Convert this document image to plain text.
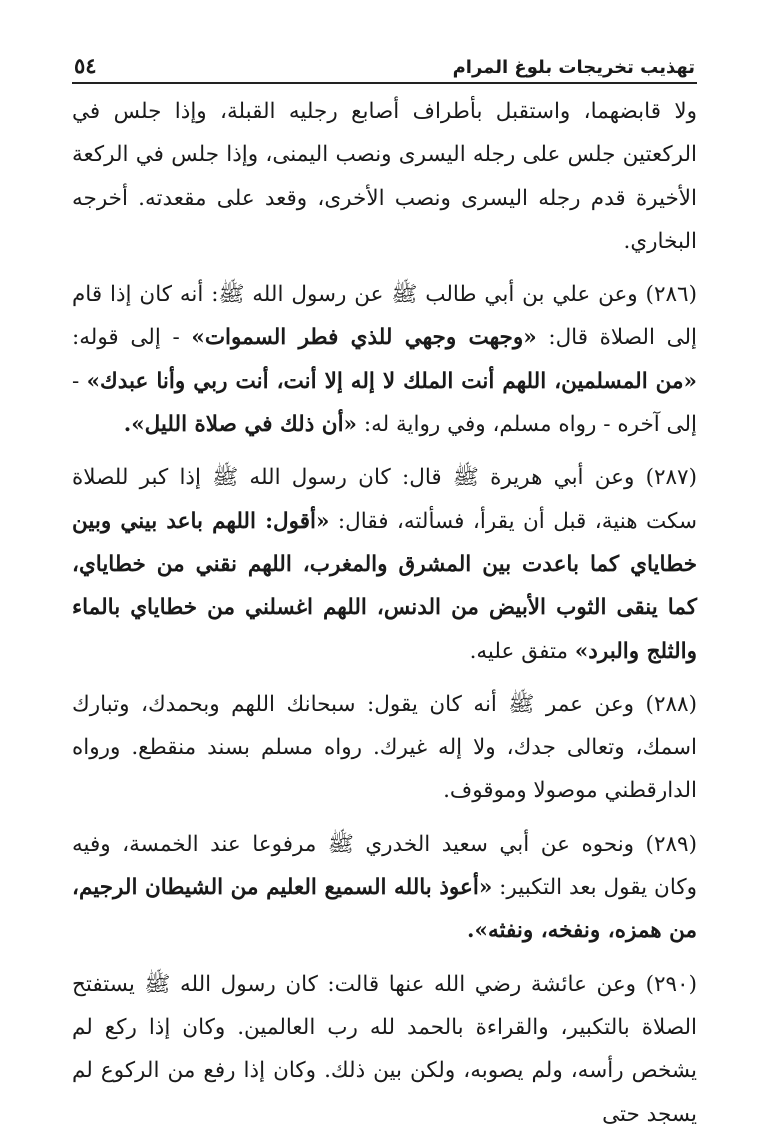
تهذيب تخريجات بلوغ المرام
٥٤

ولا قابضهما، واستقبل بأطراف أصابع رجليه القبلة، وإذا جلس في الركعتين جلس على رجله اليسرى ونصب اليمنى، وإذا جلس في الركعة الأخيرة قدم رجله اليسرى ونصب الأخرى، وقعد على مقعدته. أخرجه البخاري.

(٢٨٦) وعن علي بن أبي طالب ﷺ عن رسول الله ﷺ: أنه كان إذا قام إلى الصلاة قال: «وجهت وجهي للذي فطر السموات» - إلى قوله: «من المسلمين، اللهم أنت الملك لا إله إلا أنت، أنت ربي وأنا عبدك» - إلى آخره - رواه مسلم، وفي رواية له: «أن ذلك في صلاة الليل».

(٢٨٧) وعن أبي هريرة ﷺ قال: كان رسول الله ﷺ إذا كبر للصلاة سكت هنية، قبل أن يقرأ، فسألته، فقال: «أقول: اللهم باعد بيني وبين خطاياي كما باعدت بين المشرق والمغرب، اللهم نقني من خطاياي، كما ينقى الثوب الأبيض من الدنس، اللهم اغسلني من خطاياي بالماء والثلج والبرد» متفق عليه.

(٢٨٨) وعن عمر ﷺ أنه كان يقول: سبحانك اللهم وبحمدك، وتبارك اسمك، وتعالى جدك، ولا إله غيرك. رواه مسلم بسند منقطع. ورواه الدارقطني موصولا وموقوف.

(٢٨٩) ونحوه عن أبي سعيد الخدري ﷺ مرفوعا عند الخمسة، وفيه وكان يقول بعد التكبير: «أعوذ بالله السميع العليم من الشيطان الرجيم، من همزه، ونفخه، ونفثه».

(٢٩٠) وعن عائشة رضي الله عنها قالت: كان رسول الله ﷺ يستفتح الصلاة بالتكبير، والقراءة بالحمد لله رب العالمين. وكان إذا ركع لم يشخص رأسه، ولم يصوبه، ولكن بين ذلك. وكان إذا رفع من الركوع لم يسجد حتى
